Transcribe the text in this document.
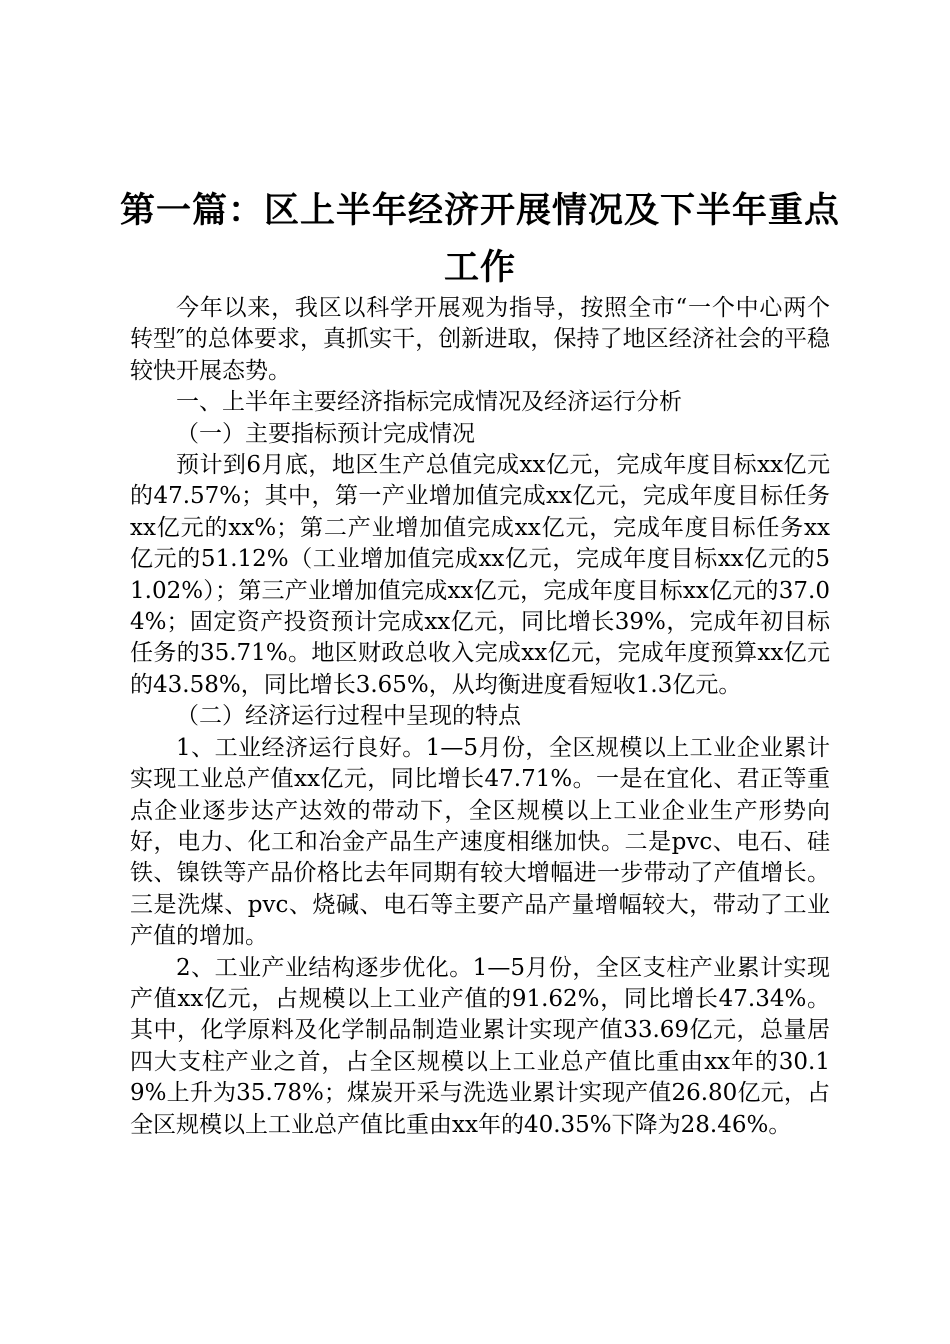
第一篇：区上半年经济开展情况及下半年重点
工作

今年以来，我区以科学开展观为指导，按照全市“一个中心两个转型″的总体要求，真抓实干，创新进取，保持了地区经济社会的平稳较快开展态势。

一、上半年主要经济指标完成情况及经济运行分析

（一）主要指标预计完成情况

预计到6月底，地区生产总值完成xx亿元，完成年度目标xx亿元的47.57%；其中，第一产业增加值完成xx亿元，完成年度目标任务xx亿元的xx%；第二产业增加值完成xx亿元，完成年度目标任务xx亿元的51.12%（工业增加值完成xx亿元，完成年度目标xx亿元的51.02%）；第三产业增加值完成xx亿元，完成年度目标xx亿元的37.04%；固定资产投资预计完成xx亿元，同比增长39%，完成年初目标任务的35.71%。地区财政总收入完成xx亿元，完成年度预算xx亿元的43.58%，同比增长3.65%，从均衡进度看短收1.3亿元。

（二）经济运行过程中呈现的特点

1、工业经济运行良好。1—5月份，全区规模以上工业企业累计实现工业总产值xx亿元，同比增长47.71%。一是在宜化、君正等重点企业逐步达产达效的带动下，全区规模以上工业企业生产形势向好，电力、化工和冶金产品生产速度相继加快。二是pvc、电石、硅铁、镍铁等产品价格比去年同期有较大增幅进一步带动了产值增长。三是洗煤、pvc、烧碱、电石等主要产品产量增幅较大，带动了工业产值的增加。

2、工业产业结构逐步优化。1—5月份，全区支柱产业累计实现产值xx亿元，占规模以上工业产值的91.62%，同比增长47.34%。其中，化学原料及化学制品制造业累计实现产值33.69亿元，总量居四大支柱产业之首，占全区规模以上工业总产值比重由xx年的30.19%上升为35.78%；煤炭开采与洗选业累计实现产值26.80亿元，占全区规模以上工业总产值比重由xx年的40.35%下降为28.46%。
